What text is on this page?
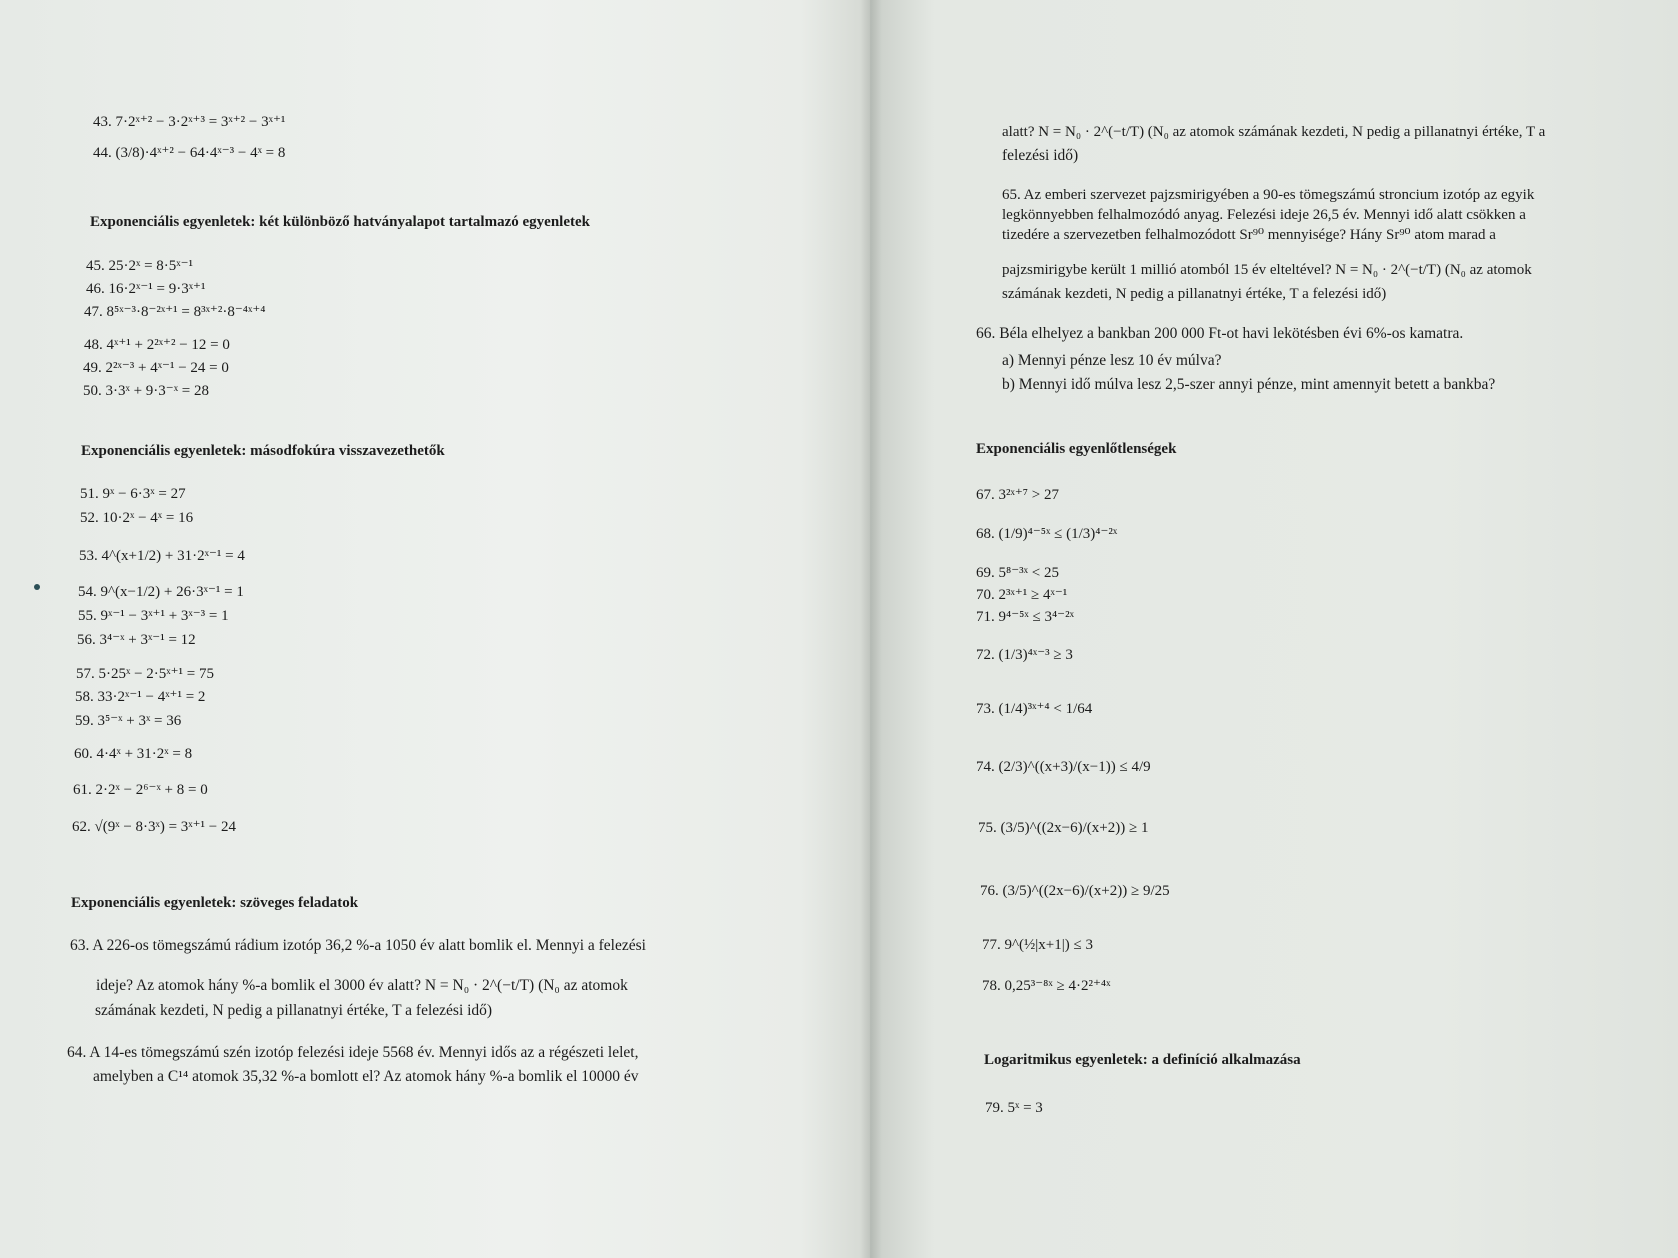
43. 7·2ˣ⁺² − 3·2ˣ⁺³ = 3ˣ⁺² − 3ˣ⁺¹
44. (3/8)·4ˣ⁺² − 64·4ˣ⁻³ − 4ˣ = 8
Exponenciális egyenletek: két különböző hatványalapot tartalmazó egyenletek
45. 25·2ˣ = 8·5ˣ⁻¹
46. 16·2ˣ⁻¹ = 9·3ˣ⁺¹
47. 8⁵ˣ⁻³·8⁻²ˣ⁺¹ = 8³ˣ⁺²·8⁻⁴ˣ⁺⁴
48. 4ˣ⁺¹ + 2²ˣ⁺² − 12 = 0
49. 2²ˣ⁻³ + 4ˣ⁻¹ − 24 = 0
50. 3·3ˣ + 9·3⁻ˣ = 28
Exponenciális egyenletek: másodfokúra visszavezethetők
51. 9ˣ − 6·3ˣ = 27
52. 10·2ˣ − 4ˣ = 16
53. 4^(x+1/2) + 31·2ˣ⁻¹ = 4
54. 9^(x−1/2) + 26·3ˣ⁻¹ = 1
55. 9ˣ⁻¹ − 3ˣ⁺¹ + 3ˣ⁻³ = 1
56. 3⁴⁻ˣ + 3ˣ⁻¹ = 12
57. 5·25ˣ − 2·5ˣ⁺¹ = 75
58. 33·2ˣ⁻¹ − 4ˣ⁺¹ = 2
59. 3⁵⁻ˣ + 3ˣ = 36
60. 4·4ˣ + 31·2ˣ = 8
61. 2·2ˣ − 2⁶⁻ˣ + 8 = 0
62. √(9ˣ − 8·3ˣ) = 3ˣ⁺¹ − 24
Exponenciális egyenletek: szöveges feladatok
63. A 226-os tömegszámú rádium izotóp 36,2 %-a 1050 év alatt bomlik el. Mennyi a felezési
ideje? Az atomok hány %-a bomlik el 3000 év alatt? N = N₀ · 2^(−t/T) (N₀ az atomok
számának kezdeti, N pedig a pillanatnyi értéke, T a felezési idő)
64. A 14-es tömegszámú szén izotóp felezési ideje 5568 év. Mennyi idős az a régészeti lelet,
amelyben a C¹⁴ atomok 35,32 %-a bomlott el? Az atomok hány %-a bomlik el 10000 év
alatt? N = N₀ · 2^(−t/T) (N₀ az atomok számának kezdeti, N pedig a pillanatnyi értéke, T a
felezési idő)
65. Az emberi szervezet pajzsmirigyében a 90-es tömegszámú stroncium izotóp az egyik
legkönnyebben felhalmozódó anyag. Felezési ideje 26,5 év. Mennyi idő alatt csökken a
tizedére a szervezetben felhalmozódott Sr⁹⁰ mennyisége? Hány Sr⁹⁰ atom marad a
pajzsmirigybe került 1 millió atomból 15 év elteltével? N = N₀ · 2^(−t/T) (N₀ az atomok
számának kezdeti, N pedig a pillanatnyi értéke, T a felezési idő)
66. Béla elhelyez a bankban 200 000 Ft-ot havi lekötésben évi 6%-os kamatra.
a) Mennyi pénze lesz 10 év múlva?
b) Mennyi idő múlva lesz 2,5-szer annyi pénze, mint amennyit betett a bankba?
Exponenciális egyenlőtlenségek
67. 3²ˣ⁺⁷ > 27
68. (1/9)⁴⁻⁵ˣ ≤ (1/3)⁴⁻²ˣ
69. 5⁸⁻³ˣ < 25
70. 2³ˣ⁺¹ ≥ 4ˣ⁻¹
71. 9⁴⁻⁵ˣ ≤ 3⁴⁻²ˣ
72. (1/3)⁴ˣ⁻³ ≥ 3
73. (1/4)³ˣ⁺⁴ < 1/64
74. (2/3)^((x+3)/(x−1)) ≤ 4/9
75. (3/5)^((2x−6)/(x+2)) ≥ 1
76. (3/5)^((2x−6)/(x+2)) ≥ 9/25
77. 9^(½|x+1|) ≤ 3
78. 0,25³⁻⁸ˣ ≥ 4·2²⁺⁴ˣ
Logaritmikus egyenletek: a definíció alkalmazása
79. 5ˣ = 3
